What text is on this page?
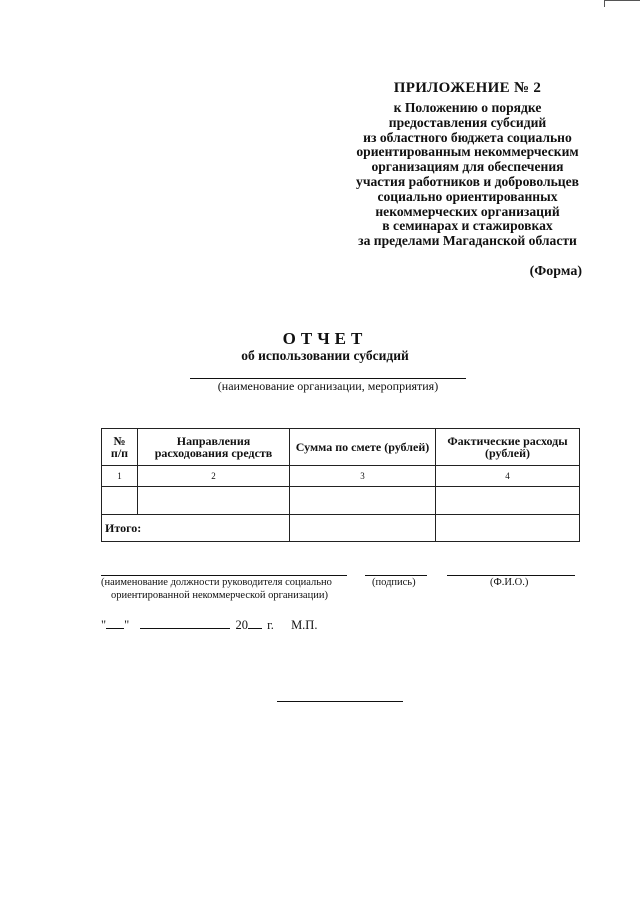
ПРИЛОЖЕНИЕ № 2
к Положению о порядке
предоставления субсидий
из областного бюджета социально
ориентированным некоммерческим
организациям для обеспечения
участия работников и добровольцев
социально ориентированных
некоммерческих организаций
в семинарах и стажировках
за пределами Магаданской области
(Форма)
ОТЧЕТ
об использовании субсидий
(наименование организации, мероприятия)
№ п/п	Направления расходования средств	Сумма по смете (рублей)	Фактические расходы (рублей)
1	2	3	4

Итого:			
(наименование должности руководителя социально
ориентированной некоммерческой организации)
(подпись)	(Ф.И.О.)
" "	20 г. М.П.
